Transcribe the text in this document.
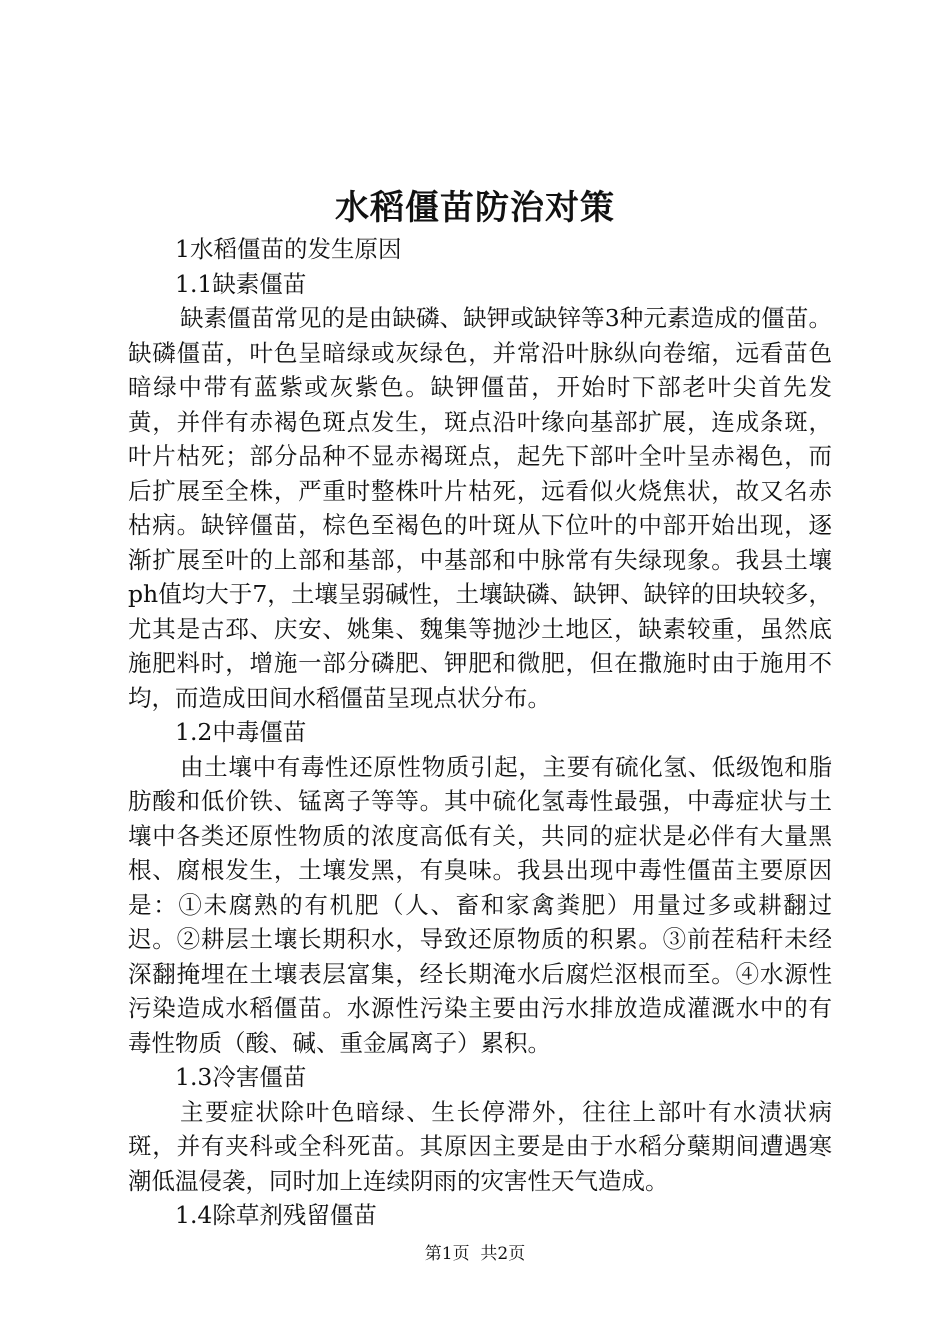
水稻僵苗防治对策

1水稻僵苗的发生原因

1.1缺素僵苗

缺素僵苗常见的是由缺磷、缺钾或缺锌等3种元素造成的僵苗。缺磷僵苗，叶色呈暗绿或灰绿色，并常沿叶脉纵向卷缩，远看苗色暗绿中带有蓝紫或灰紫色。缺钾僵苗，开始时下部老叶尖首先发黄，并伴有赤褐色斑点发生，斑点沿叶缘向基部扩展，连成条斑，叶片枯死；部分品种不显赤褐斑点，起先下部叶全叶呈赤褐色，而后扩展至全株，严重时整株叶片枯死，远看似火烧焦状，故又名赤枯病。缺锌僵苗，棕色至褐色的叶斑从下位叶的中部开始出现，逐渐扩展至叶的上部和基部，中基部和中脉常有失绿现象。我县土壤ph值均大于7，土壤呈弱碱性，土壤缺磷、缺钾、缺锌的田块较多，尤其是古邳、庆安、姚集、魏集等抛沙土地区，缺素较重，虽然底施肥料时，增施一部分磷肥、钾肥和微肥，但在撒施时由于施用不均，而造成田间水稻僵苗呈现点状分布。

1.2中毒僵苗

由土壤中有毒性还原性物质引起，主要有硫化氢、低级饱和脂肪酸和低价铁、锰离子等等。其中硫化氢毒性最强，中毒症状与土壤中各类还原性物质的浓度高低有关，共同的症状是必伴有大量黑根、腐根发生，土壤发黑，有臭味。我县出现中毒性僵苗主要原因是：①未腐熟的有机肥（人、畜和家禽粪肥）用量过多或耕翻过迟。②耕层土壤长期积水，导致还原物质的积累。③前茬秸秆未经深翻掩埋在土壤表层富集，经长期淹水后腐烂沤根而至。④水源性污染造成水稻僵苗。水源性污染主要由污水排放造成灌溉水中的有毒性物质（酸、碱、重金属离子）累积。

1.3冷害僵苗

主要症状除叶色暗绿、生长停滞外，往往上部叶有水渍状病斑，并有夹科或全科死苗。其原因主要是由于水稻分蘖期间遭遇寒潮低温侵袭，同时加上连续阴雨的灾害性天气造成。

1.4除草剂残留僵苗

第1页  共2页
